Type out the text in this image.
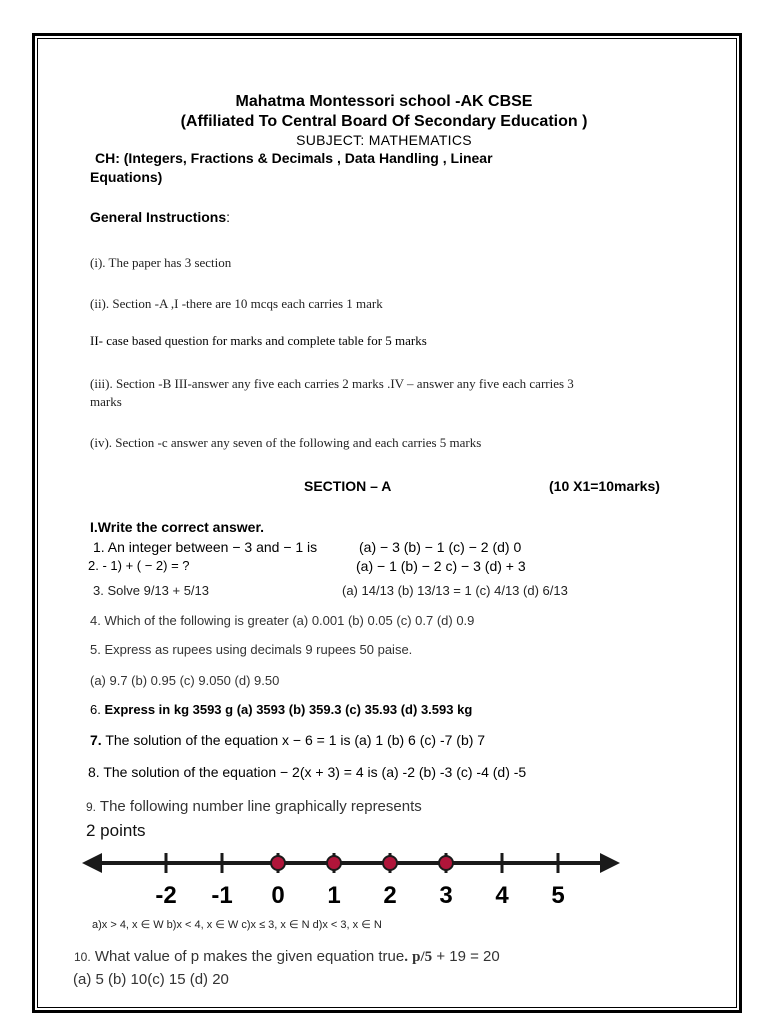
Mahatma Montessori school -AK CBSE
(Affiliated To Central Board Of Secondary Education )
SUBJECT: MATHEMATICS
CH: (Integers, Fractions & Decimals , Data Handling , Linear
Equations)
General Instructions:
(i). The paper has 3 section
(ii). Section -A ,I -there are 10 mcqs each carries 1 mark
II- case based question for marks and complete table for 5 marks
(iii). Section -B III-answer any five each carries 2 marks .IV – answer any five each carries 3
marks
(iv). Section -c answer any seven of the following and each carries 5 marks
SECTION – A	(10 X1=10marks)
I.Write the correct answer.
1. An integer between − 3 and − 1 is	(a) − 3 (b) − 1 (c) − 2 (d) 0
2. - 1) + ( − 2) = ?	(a) − 1 (b) − 2 c) − 3 (d) + 3
3. Solve 9/13 + 5/13	(a) 14/13 (b) 13/13 = 1 (c) 4/13 (d) 6/13
4. Which of the following is greater (a) 0.001 (b) 0.05 (c) 0.7 (d) 0.9
5. Express as rupees using decimals 9 rupees 50 paise.
(a) 9.7 (b) 0.95 (c) 9.050 (d) 9.50
6. Express in kg 3593 g (a) 3593 (b) 359.3 (c) 35.93 (d) 3.593 kg
7. The solution of the equation x − 6 = 1 is (a) 1 (b) 6 (c) -7 (b) 7
8. The solution of the equation − 2(x + 3) = 4 is (a) -2 (b) -3 (c) -4 (d) -5
9. The following number line graphically represents
2 points
-2 -1 0 1 2 3 4 5
a)x > 4, x ∈ W b)x < 4, x ∈ W c)x ≤ 3, x ∈ N d)x < 3, x ∈ N
10. What value of p makes the given equation true. p/5 + 19 = 20
(a) 5 (b) 10(c) 15 (d) 20
